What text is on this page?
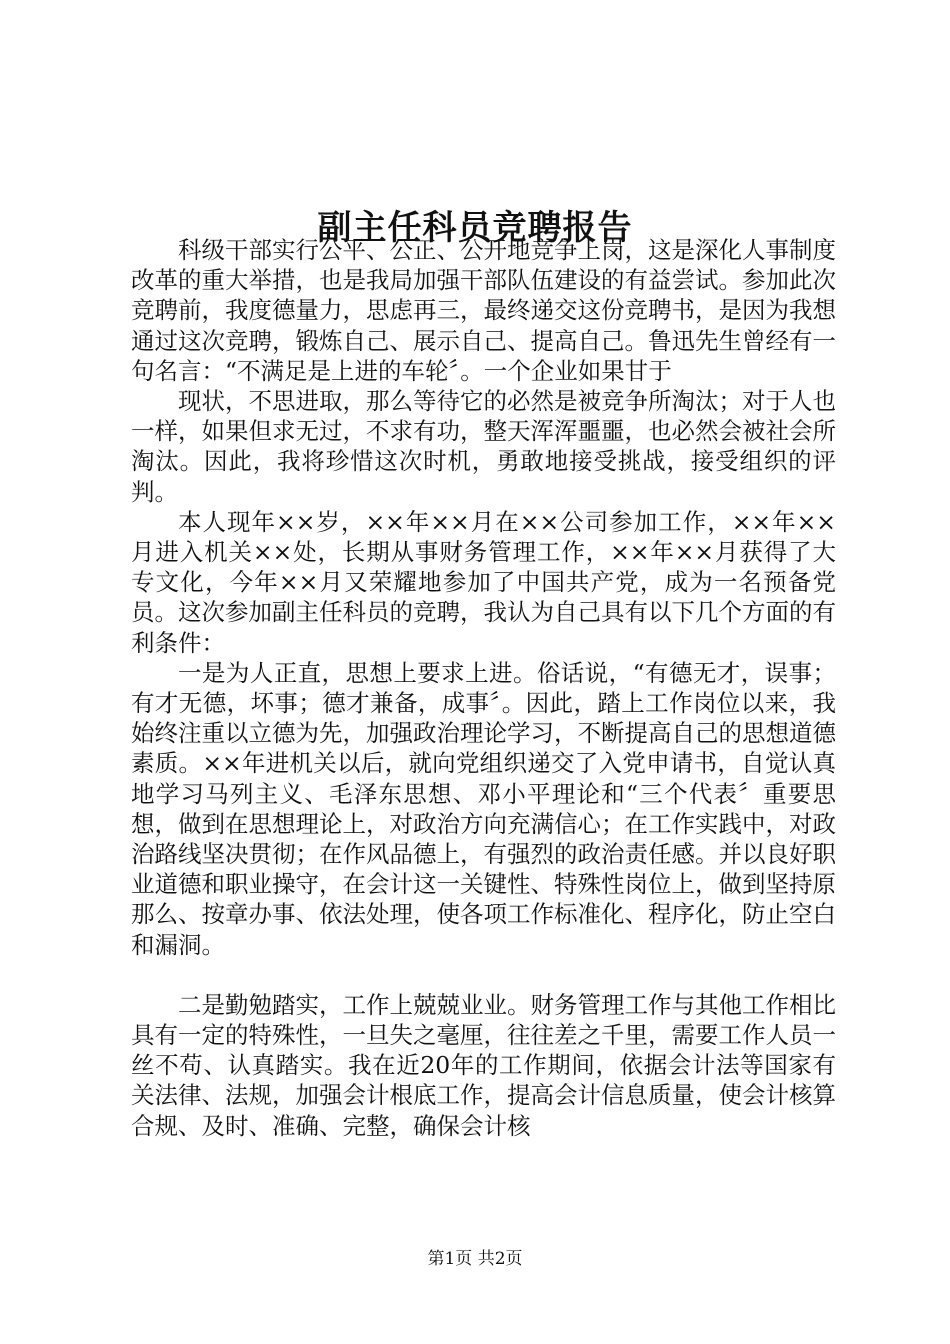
副主任科员竞聘报告

科级干部实行公平、公正、公开地竞争上岗，这是深化人事制度改革的重大举措，也是我局加强干部队伍建设的有益尝试。参加此次竞聘前，我度德量力，思虑再三，最终递交这份竞聘书，是因为我想通过这次竞聘，锻炼自己、展示自己、提高自己。鲁迅先生曾经有一句名言：“不满足是上进的车轮〞。一个企业如果甘于

现状，不思进取，那么等待它的必然是被竞争所淘汰；对于人也一样，如果但求无过，不求有功，整天浑浑噩噩，也必然会被社会所淘汰。因此，我将珍惜这次时机，勇敢地接受挑战，接受组织的评判。

本人现年××岁，××年××月在××公司参加工作，××年××月进入机关××处，长期从事财务管理工作，××年××月获得了大专文化，今年××月又荣耀地参加了中国共产党，成为一名预备党员。这次参加副主任科员的竞聘，我认为自己具有以下几个方面的有利条件：

一是为人正直，思想上要求上进。俗话说，“有德无才，误事；有才无德，坏事；德才兼备，成事〞。因此，踏上工作岗位以来，我始终注重以立德为先，加强政治理论学习，不断提高自己的思想道德素质。××年进机关以后，就向党组织递交了入党申请书，自觉认真地学习马列主义、毛泽东思想、邓小平理论和“三个代表〞重要思想，做到在思想理论上，对政治方向充满信心；在工作实践中，对政治路线坚决贯彻；在作风品德上，有强烈的政治责任感。并以良好职业道德和职业操守，在会计这一关键性、特殊性岗位上，做到坚持原那么、按章办事、依法处理，使各项工作标准化、程序化，防止空白和漏洞。

二是勤勉踏实，工作上兢兢业业。财务管理工作与其他工作相比具有一定的特殊性，一旦失之毫厘，往往差之千里，需要工作人员一丝不苟、认真踏实。我在近20年的工作期间，依据会计法等国家有关法律、法规，加强会计根底工作，提高会计信息质量，使会计核算合规、及时、准确、完整，确保会计核

第1页 共2页
